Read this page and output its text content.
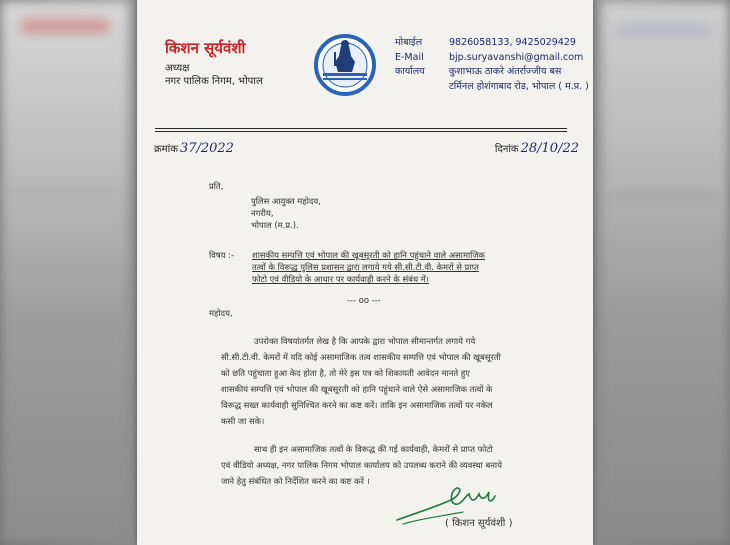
किशन सूर्यवंशी
अध्यक्ष
नगर पालिक निगम, भोपाल
मोबाईल	9826058133, 9425029429
E-Mail	bjp.suryavanshi@gmail.com
कार्यालय	कुशाभाऊ ठाकरे अंतर्राज्जीय बस
टर्मिनल होशंगाबाद रोड, भोपाल ( म.प्र. )
क्रमांक 37/2022	दिनांक 28/10/22
प्रति,
पुलिस आयुक्त महोदय,
नगरीय,
भोपाल (म.प्र.).
विषय :- शासकीय सम्पत्ति एवं भोपाल की खूबसूरती को हानि पहुंचाने वाले असामाजिक
तत्वों के विरूद्ध पुलिस प्रशासन द्वारा लगाये गये सी.सी.टी.वी. केमरों से प्राप्त
फोटो एवं वीडियो के आधार पर कार्यवाही करने के संबंध में।
--- oo ---
महोदय,
उपरोक्त विषयांतर्गत लेख है कि आपके द्वारा भोपाल सीमान्तर्गत लगाये गये
सी.सी.टी.वी. केमरों में यदि कोई असामाजिक तत्व शासकीय सम्पत्ति एवं भोपाल की खूबसूरती
को छति पहुंचाता हुआ केद होता है, तो मेरे इस पत्र को शिकायती आवेदन मानते हुए
शासकीय सम्पत्ति एवं भोपाल की खूबसूरती को हानि पहुंचाने वाले ऐसे असामाजिक तत्वों के
विरूद्ध सख्त कार्यवाही सुनिश्चित करने का कष्ट करें। ताकि इन असामाजिक तत्वों पर नकेल
कसी जा सके।
साथ ही इन असामाजिक तत्वों के विरूद्ध की गई कार्यवाही, केमरों से प्राप्त फोटो
एवं वीडियो अध्यक्ष, नगर पालिक निगम भोपाल कार्यालय को उपलब्ध कराने की व्यवस्था बनाये
जाने हेतु संबंधित को निर्देशित करने का कष्ट करें ।
( किशन सूर्यवंशी )
